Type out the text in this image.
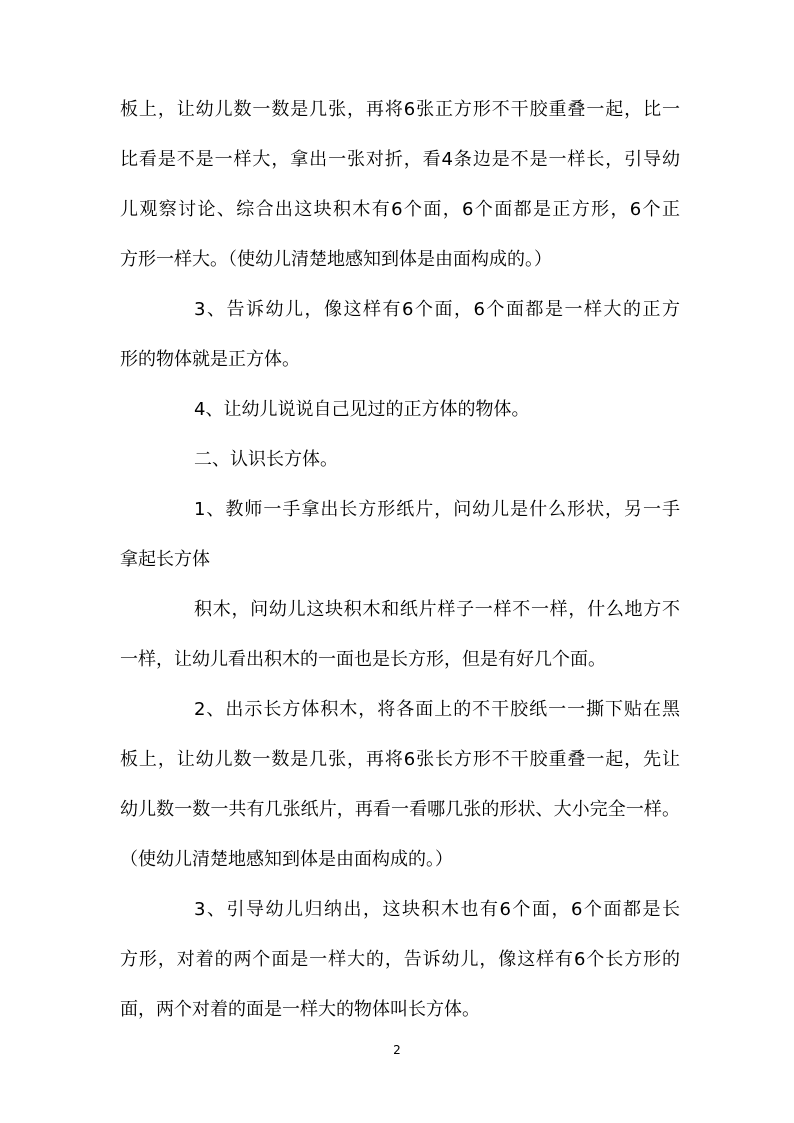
板上，让幼儿数一数是几张，再将6张正方形不干胶重叠一起，比一
比看是不是一样大，拿出一张对折，看4条边是不是一样长，引导幼
儿观察讨论、综合出这块积木有6个面，6个面都是正方形，6个正
方形一样大。（使幼儿清楚地感知到体是由面构成的。）
3、告诉幼儿，像这样有6个面，6个面都是一样大的正方
形的物体就是正方体。
4、让幼儿说说自己见过的正方体的物体。
二、认识长方体。
1、教师一手拿出长方形纸片，问幼儿是什么形状，另一手
拿起长方体
积木，问幼儿这块积木和纸片样子一样不一样，什么地方不
一样，让幼儿看出积木的一面也是长方形，但是有好几个面。
2、出示长方体积木，将各面上的不干胶纸一一撕下贴在黑
板上，让幼儿数一数是几张，再将6张长方形不干胶重叠一起，先让
幼儿数一数一共有几张纸片，再看一看哪几张的形状、大小完全一样。
（使幼儿清楚地感知到体是由面构成的。）
3、引导幼儿归纳出，这块积木也有6个面，6个面都是长
方形，对着的两个面是一样大的，告诉幼儿，像这样有6个长方形的
面，两个对着的面是一样大的物体叫长方体。
2
